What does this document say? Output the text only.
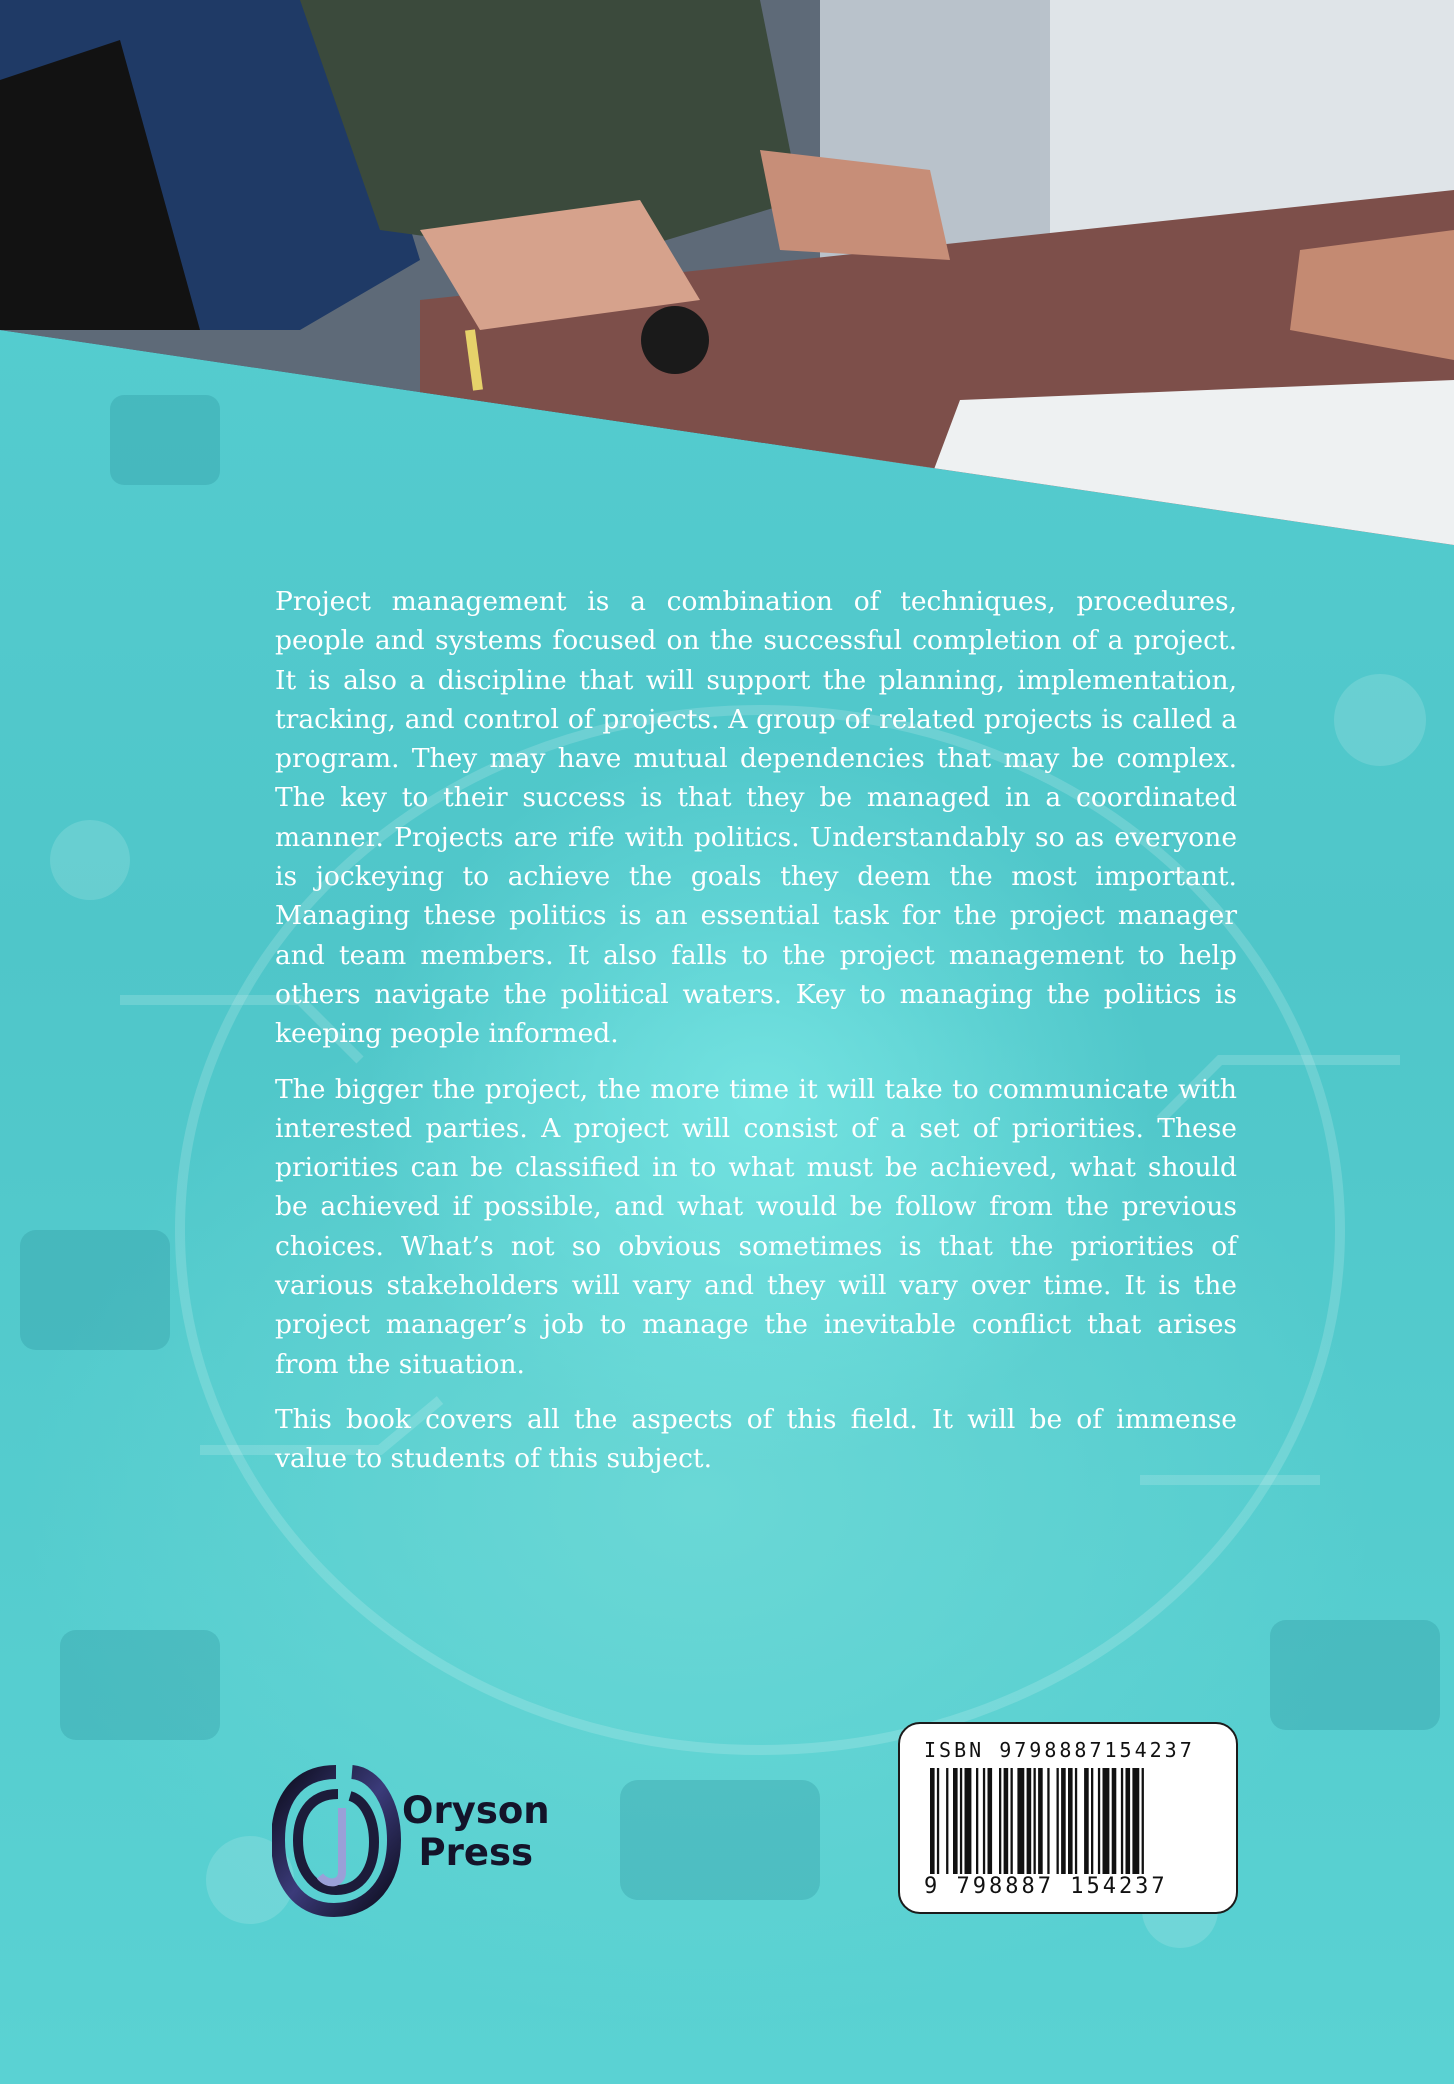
Project management is a combination of techniques, procedures, people and systems focused on the successful completion of a project. It is also a discipline that will support the planning, implementation, tracking, and control of projects. A group of related projects is called a program. They may have mutual dependencies that may be complex. The key to their success is that they be managed in a coordinated manner. Projects are rife with politics. Understandably so as everyone is jockeying to achieve the goals they deem the most important. Managing these politics is an essential task for the project manager and team members. It also falls to the project management to help others navigate the political waters. Key to managing the politics is keeping people informed.

The bigger the project, the more time it will take to communicate with interested parties. A project will consist of a set of priorities. These priorities can be classified in to what must be achieved, what should be achieved if possible, and what would be follow from the previous choices. What’s not so obvious sometimes is that the priorities of various stakeholders will vary and they will vary over time. It is the project manager’s job to manage the inevitable conflict that arises from the situation.

This book covers all the aspects of this field. It will be of immense value to students of this subject.

Oryson
Press
ISBN 9798887154237
9 798887 154237
